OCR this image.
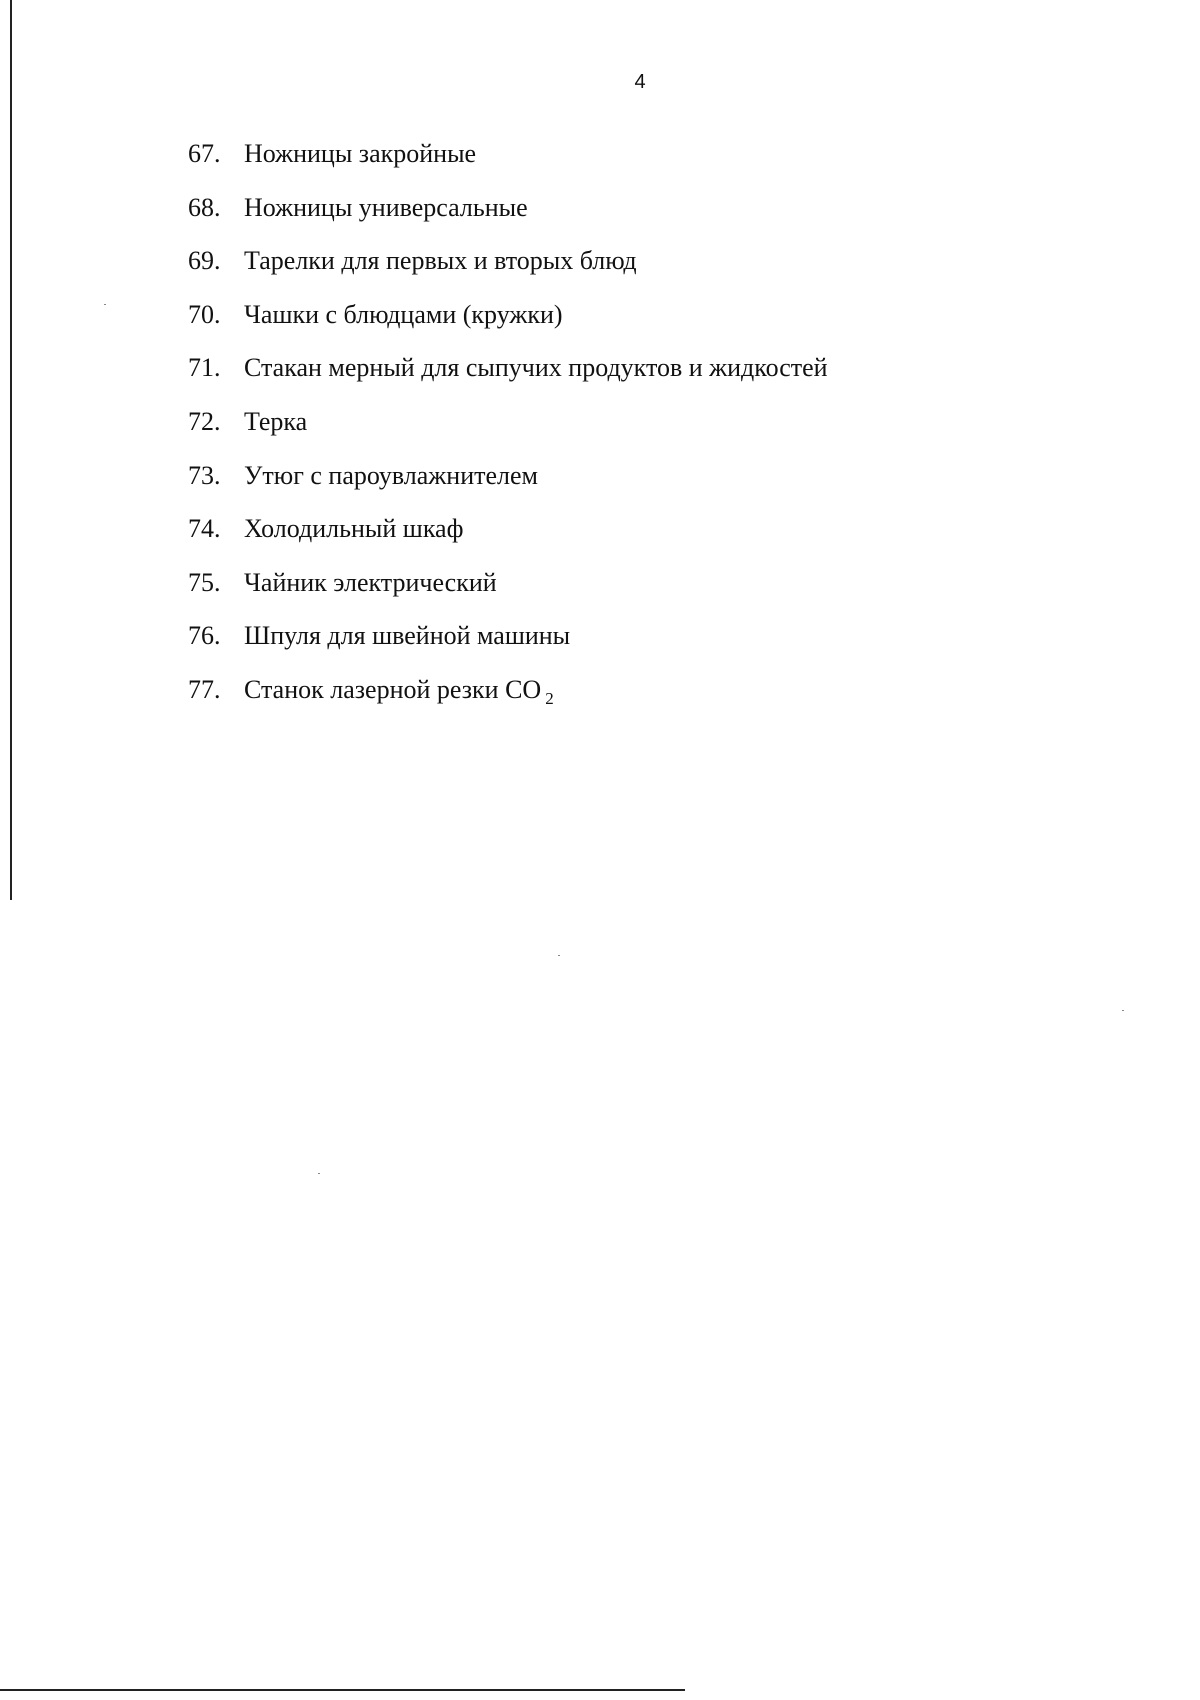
4
67. Ножницы закройные
68. Ножницы универсальные
69. Тарелки для первых и вторых блюд
70. Чашки с блюдцами (кружки)
71. Стакан мерный для сыпучих продуктов и жидкостей
72. Терка
73. Утюг с пароувлажнителем
74. Холодильный шкаф
75. Чайник электрический
76. Шпуля для швейной машины
77. Станок лазерной резки CO 2
